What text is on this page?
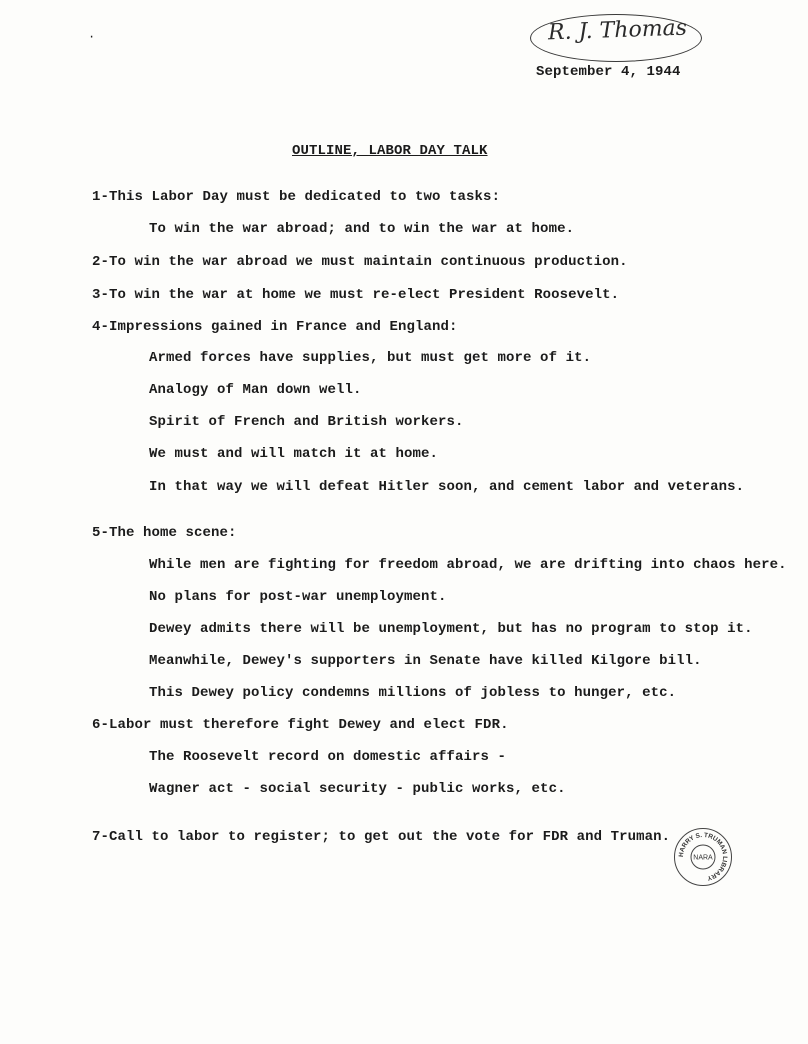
·	R. J. Thomas
September 4, 1944
OUTLINE, LABOR DAY TALK
1-This Labor Day must be dedicated to two tasks:
To win the war abroad; and to win the war at home.
2-To win the war abroad we must maintain continuous production.
3-To win the war at home we must re-elect President Roosevelt.
4-Impressions gained in France and England:
Armed forces have supplies, but must get more of it.
Analogy of Man down well.
Spirit of French and British workers.
We must and will match it at home.
In that way we will defeat Hitler soon, and cement labor and veterans.
5-The home scene:
While men are fighting for freedom abroad, we are drifting into chaos here.
No plans for post-war unemployment.
Dewey admits there will be unemployment, but has no program to stop it.
Meanwhile, Dewey's supporters in Senate have killed Kilgore bill.
This Dewey policy condemns millions of jobless to hunger, etc.
6-Labor must therefore fight Dewey and elect FDR.
The Roosevelt record on domestic affairs -
Wagner act - social security - public works, etc.
7-Call to labor to register; to get out the vote for FDR and Truman.
HARRY S. TRUMAN LIBRARY
NARA
